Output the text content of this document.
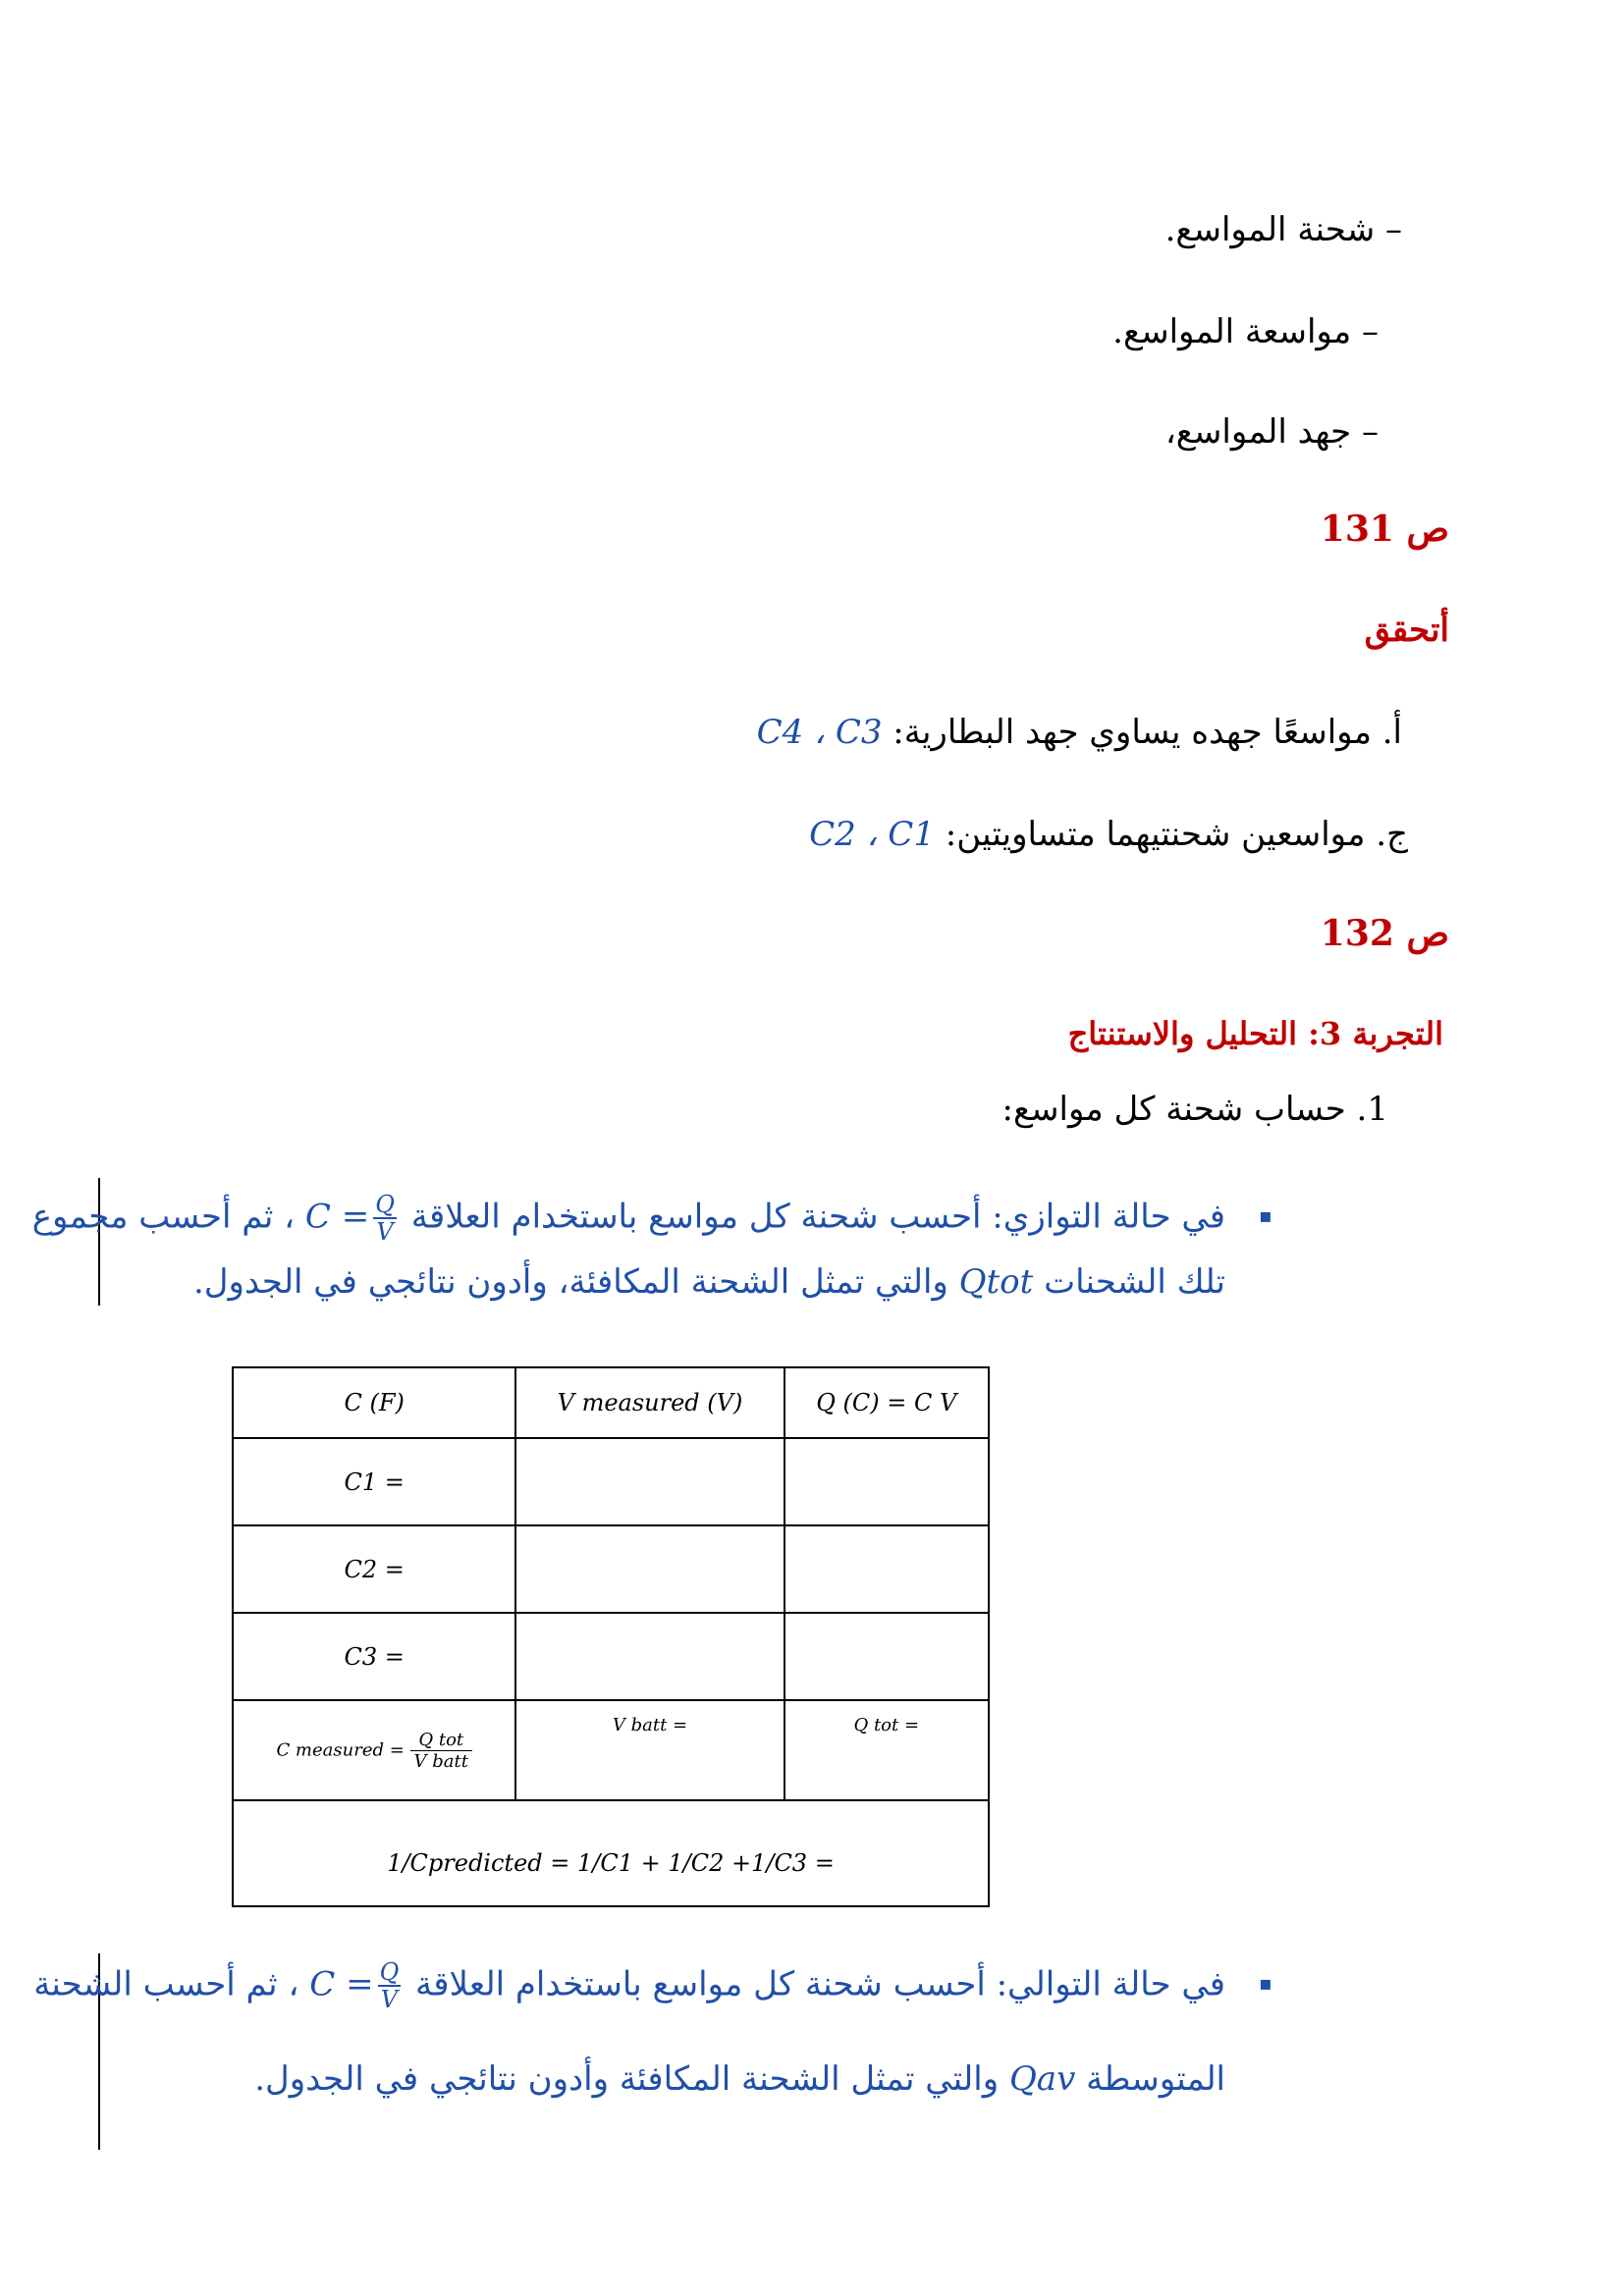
– شحنة المواسع.
– مواسعة المواسع.
– جهد المواسع،
ص 131
أتحقق
أ. مواسعًا جهده يساوي جهد البطارية: C4 ، C3
ج. مواسعين شحنتيهما متساويتين: C2 ، C1
ص 132
التجربة 3: التحليل والاستنتاج
1. حساب شحنة كل مواسع:
▪
في حالة التوازي: أحسب شحنة كل مواسع باستخدام العلاقة $C = \frac{Q}{V}$
، ثم أحسب مجموع
تلك الشحنات Qtot والتي تمثل الشحنة المكافئة، وأدون نتائجي في الجدول.
C (F)	V measured (V)	Q (C) = C V
C1 =		
C2 =		
C3 =		
C measured = $\frac{\text{Q tot}}{\text{V batt}}$	V batt =	Q tot =
1/Cpredicted = 1/C1 + 1/C2 +1/C3 =		
▪
في حالة التوالي: أحسب شحنة كل مواسع باستخدام العلاقة $C = \frac{Q}{V}$
، ثم أحسب الشحنة
المتوسطة Qav والتي تمثل الشحنة المكافئة وأدون نتائجي في الجدول.
